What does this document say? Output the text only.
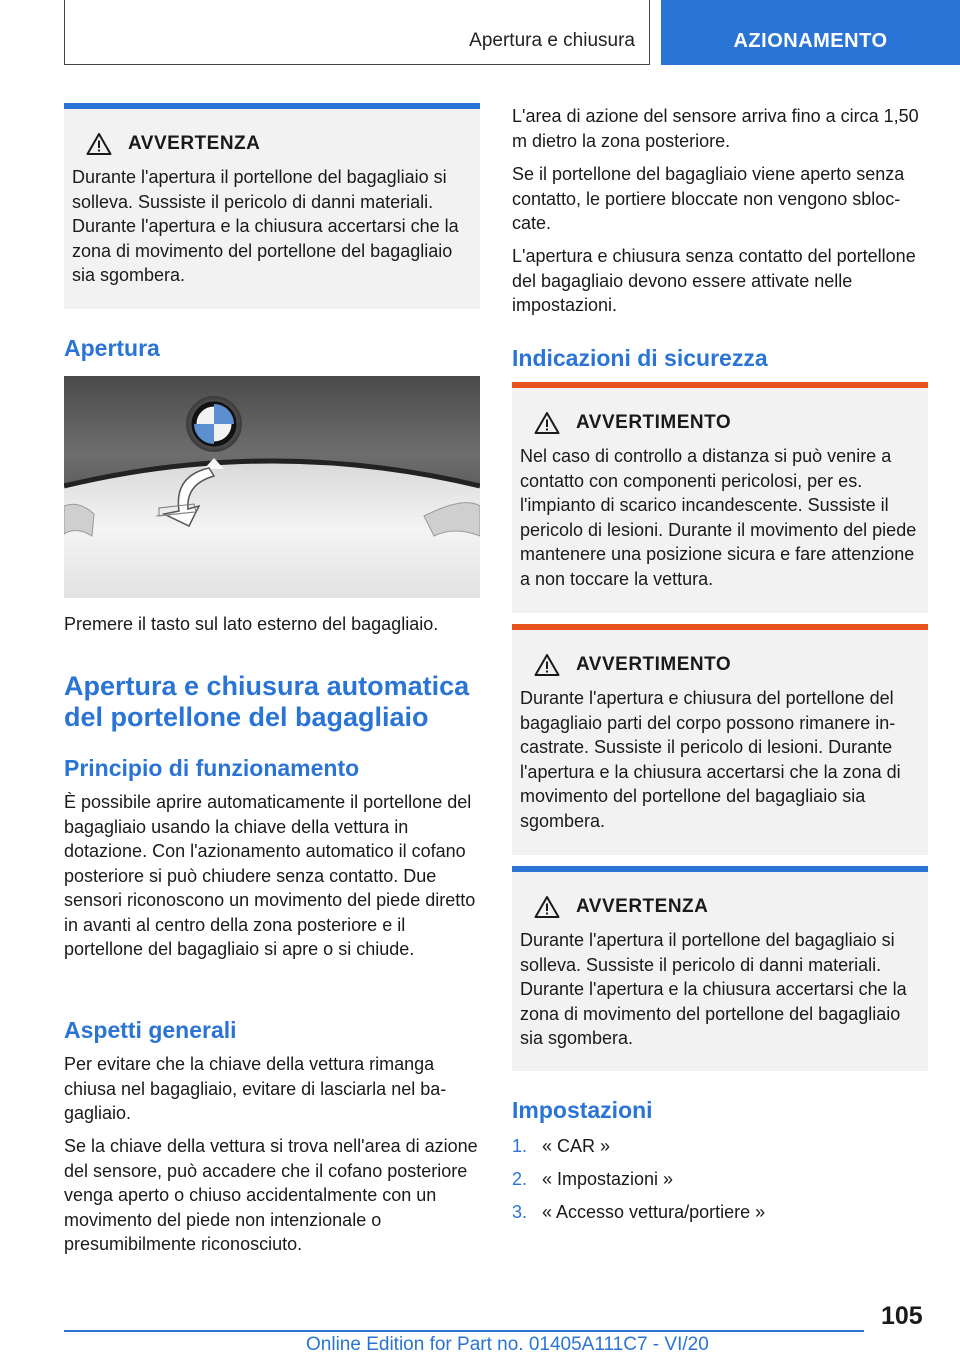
Apertura e chiusura	AZIONAMENTO
AVVERTENZA
Durante l'apertura il portellone del bagagliaio si solleva. Sussiste il pericolo di danni materiali. Durante l'apertura e la chiusura accertarsi che la zona di movimento del portellone del bagagliaio sia sgombera.
Apertura
Premere il tasto sul lato esterno del bagagliaio.
Apertura e chiusura automatica
del portellone del bagagliaio
Principio di funzionamento
È possibile aprire automaticamente il portellone del bagagliaio usando la chiave della vettura in dotazione. Con l'azionamento automatico il cofano posteriore si può chiudere senza contatto. Due sensori riconoscono un movimento del piede diretto in avanti al centro della zona posteriore e il portellone del bagagliaio si apre o si chiude.
Aspetti generali
Per evitare che la chiave della vettura rimanga chiusa nel bagagliaio, evitare di lasciarla nel bagagliaio.
Se la chiave della vettura si trova nell'area di azione del sensore, può accadere che il cofano posteriore venga aperto o chiuso accidentalmente con un movimento del piede non intenzionale o presumibilmente riconosciuto.
L'area di azione del sensore arriva fino a circa 1,50 m dietro la zona posteriore.
Se il portellone del bagagliaio viene aperto senza contatto, le portiere bloccate non vengono sbloccate.
L'apertura e chiusura senza contatto del portellone del bagagliaio devono essere attivate nelle impostazioni.
Indicazioni di sicurezza
AVVERTIMENTO
Nel caso di controllo a distanza si può venire a contatto con componenti pericolosi, per es. l'impianto di scarico incandescente. Sussiste il pericolo di lesioni. Durante il movimento del piede mantenere una posizione sicura e fare attenzione a non toccare la vettura.
AVVERTIMENTO
Durante l'apertura e chiusura del portellone del bagagliaio parti del corpo possono rimanere incastrate. Sussiste il pericolo di lesioni. Durante l'apertura e la chiusura accertarsi che la zona di movimento del portellone del bagagliaio sia sgombera.
AVVERTENZA
Durante l'apertura il portellone del bagagliaio si solleva. Sussiste il pericolo di danni materiali. Durante l'apertura e la chiusura accertarsi che la zona di movimento del portellone del bagagliaio sia sgombera.
Impostazioni
1. « CAR »
2. « Impostazioni »
3. « Accesso vettura/portiere »
105
Online Edition for Part no. 01405A111C7 - VI/20
